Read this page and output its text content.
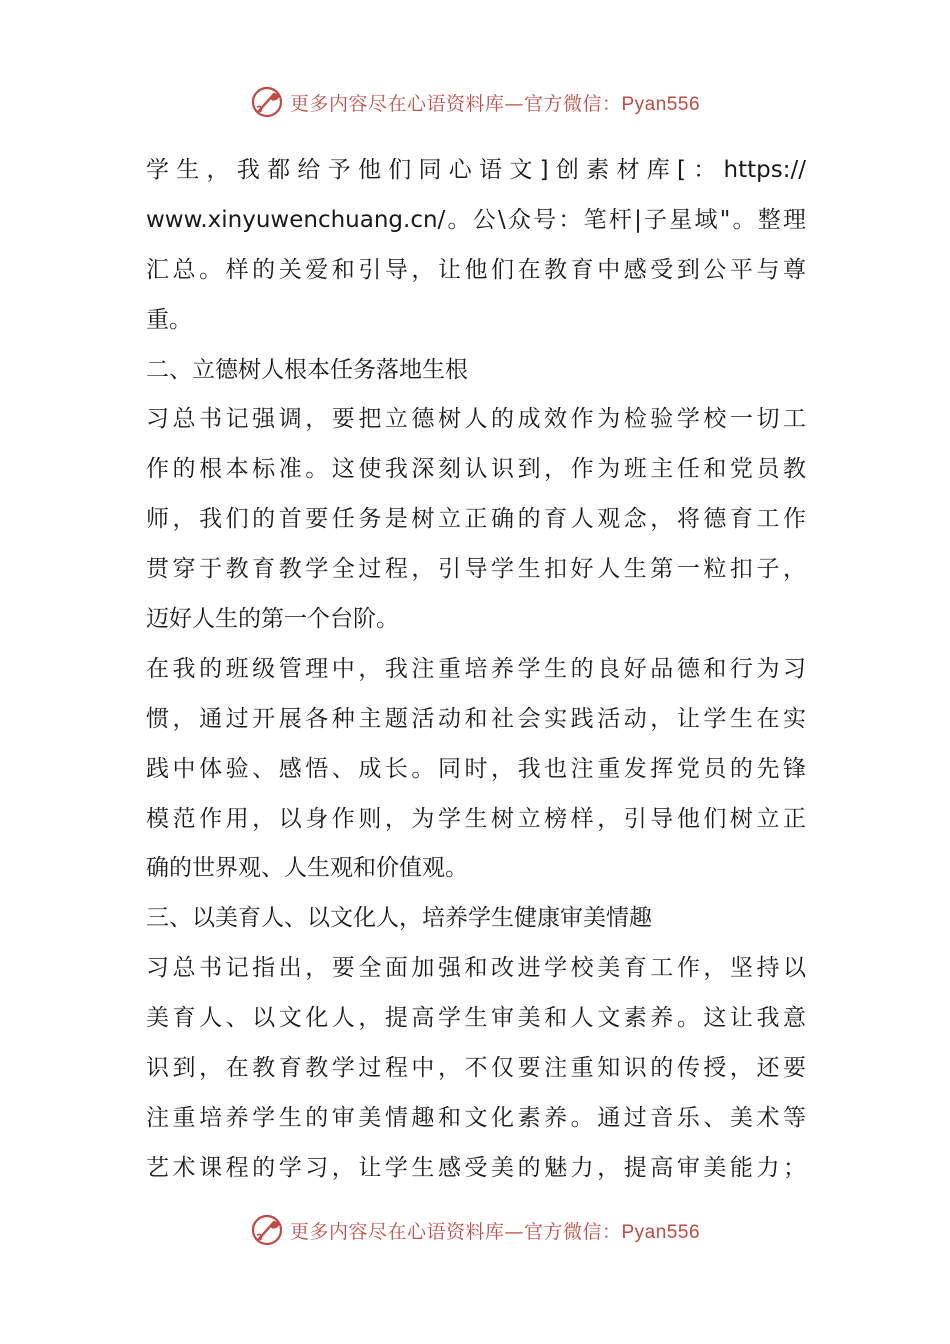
更多内容尽在心语资料库—官方微信：Pyan556
学生，我都给予他们同心语文]创素材库[：https://
www.xinyuwenchuang.cn/。公\众号：笔杆|子星域"。整理
汇总。样的关爱和引导，让他们在教育中感受到公平与尊
重。
二、立德树人根本任务落地生根
习总书记强调，要把立德树人的成效作为检验学校一切工
作的根本标准。这使我深刻认识到，作为班主任和党员教
师，我们的首要任务是树立正确的育人观念，将德育工作
贯穿于教育教学全过程，引导学生扣好人生第一粒扣子，
迈好人生的第一个台阶。
在我的班级管理中，我注重培养学生的良好品德和行为习
惯，通过开展各种主题活动和社会实践活动，让学生在实
践中体验、感悟、成长。同时，我也注重发挥党员的先锋
模范作用，以身作则，为学生树立榜样，引导他们树立正
确的世界观、人生观和价值观。
三、以美育人、以文化人，培养学生健康审美情趣
习总书记指出，要全面加强和改进学校美育工作，坚持以
美育人、以文化人，提高学生审美和人文素养。这让我意
识到，在教育教学过程中，不仅要注重知识的传授，还要
注重培养学生的审美情趣和文化素养。通过音乐、美术等
艺术课程的学习，让学生感受美的魅力，提高审美能力；
更多内容尽在心语资料库—官方微信：Pyan556
